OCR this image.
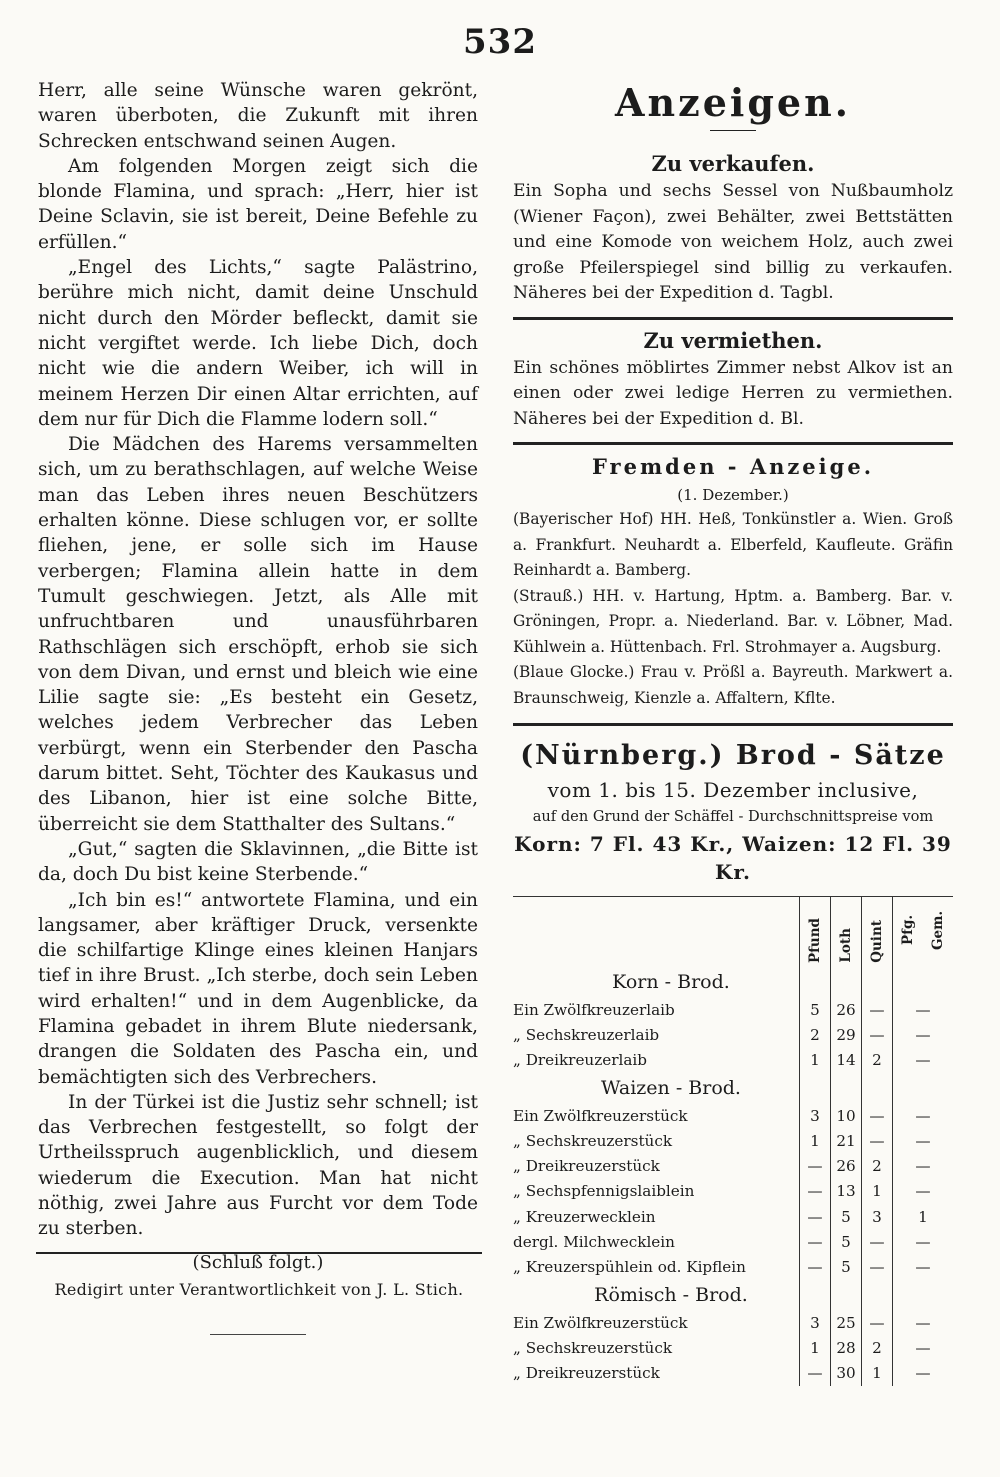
532

Herr, alle seine Wünsche waren gekrönt, waren überboten, die Zukunft mit ihren Schrecken entschwand seinen Augen.

Am folgenden Morgen zeigt sich die blonde Flamina, und sprach: „Herr, hier ist Deine Sclavin, sie ist bereit, Deine Befehle zu erfüllen.“

„Engel des Lichts,“ sagte Palästrino, berühre mich nicht, damit deine Unschuld nicht durch den Mörder befleckt, damit sie nicht vergiftet werde. Ich liebe Dich, doch nicht wie die andern Weiber, ich will in meinem Herzen Dir einen Altar errichten, auf dem nur für Dich die Flamme lodern soll.“

Die Mädchen des Harems versammelten sich, um zu berathschlagen, auf welche Weise man das Leben ihres neuen Beschützers erhalten könne. Diese schlugen vor, er sollte fliehen, jene, er solle sich im Hause verbergen; Flamina allein hatte in dem Tumult geschwiegen. Jetzt, als Alle mit unfruchtbaren und unausführbaren Rathschlägen sich erschöpft, erhob sie sich von dem Divan, und ernst und bleich wie eine Lilie sagte sie: „Es besteht ein Gesetz, welches jedem Verbrecher das Leben verbürgt, wenn ein Sterbender den Pascha darum bittet. Seht, Töchter des Kaukasus und des Libanon, hier ist eine solche Bitte, überreicht sie dem Statthalter des Sultans.“

„Gut,“ sagten die Sklavinnen, „die Bitte ist da, doch Du bist keine Sterbende.“

„Ich bin es!“ antwortete Flamina, und ein langsamer, aber kräftiger Druck, versenkte die schilfartige Klinge eines kleinen Hanjars tief in ihre Brust. „Ich sterbe, doch sein Leben wird erhalten!“ und in dem Augenblicke, da Flamina gebadet in ihrem Blute niedersank, drangen die Soldaten des Pascha ein, und bemächtigten sich des Verbrechers.

In der Türkei ist die Justiz sehr schnell; ist das Verbrechen festgestellt, so folgt der Urtheilsspruch augenblicklich, und diesem wiederum die Execution. Man hat nicht nöthig, zwei Jahre aus Furcht vor dem Tode zu sterben.

(Schluß folgt.)
Redigirt unter Verantwortlichkeit von J. L. Stich.
Anzeigen.
Zu verkaufen.

Ein Sopha und sechs Sessel von Nußbaumholz (Wiener Façon), zwei Behälter, zwei Bettstätten und eine Komode von weichem Holz, auch zwei große Pfeilerspiegel sind billig zu verkaufen. Näheres bei der Expedition d. Tagbl.

Zu vermiethen.

Ein schönes möblirtes Zimmer nebst Alkov ist an einen oder zwei ledige Herren zu vermiethen. Näheres bei der Expedition d. Bl.

Fremden - Anzeige.

(1. Dezember.)

(Bayerischer Hof) HH. Heß, Tonkünstler a. Wien. Groß a. Frankfurt. Neuhardt a. Elberfeld, Kaufleute. Gräfin Reinhardt a. Bamberg.

(Strauß.) HH. v. Hartung, Hptm. a. Bamberg. Bar. v. Gröningen, Propr. a. Niederland. Bar. v. Löbner, Mad. Kühlwein a. Hüttenbach. Frl. Strohmayer a. Augsburg.

(Blaue Glocke.) Frau v. Prößl a. Bayreuth. Markwert a. Braunschweig, Kienzle a. Affaltern, Kflte.

(Nürnberg.) Brod - Sätze

vom 1. bis 15. Dezember inclusive,

auf den Grund der Schäffel - Durchschnittspreise vom

Korn: 7 Fl. 43 Kr., Waizen: 12 Fl. 39 Kr.

	Pfund	Loth	Quint	Pfg. Gem.
Korn - Brod.				
Ein Zwölfkreuzerlaib	5	26	—	—
„ Sechskreuzerlaib	2	29	—	—
„ Dreikreuzerlaib	1	14	2	—
Waizen - Brod.				
Ein Zwölfkreuzerstück	3	10	—	—
„ Sechskreuzerstück	1	21	—	—
„ Dreikreuzerstück	—	26	2	—
„ Sechspfennigslaiblein	—	13	1	—
„ Kreuzerwecklein	—	5	3	1
dergl. Milchwecklein	—	5	—	—
„ Kreuzerspühlein od. Kipflein	—	5	—	—
Römisch - Brod.				
Ein Zwölfkreuzerstück	3	25	—	—
„ Sechskreuzerstück	1	28	2	—
„ Dreikreuzerstück	—	30	1	—
